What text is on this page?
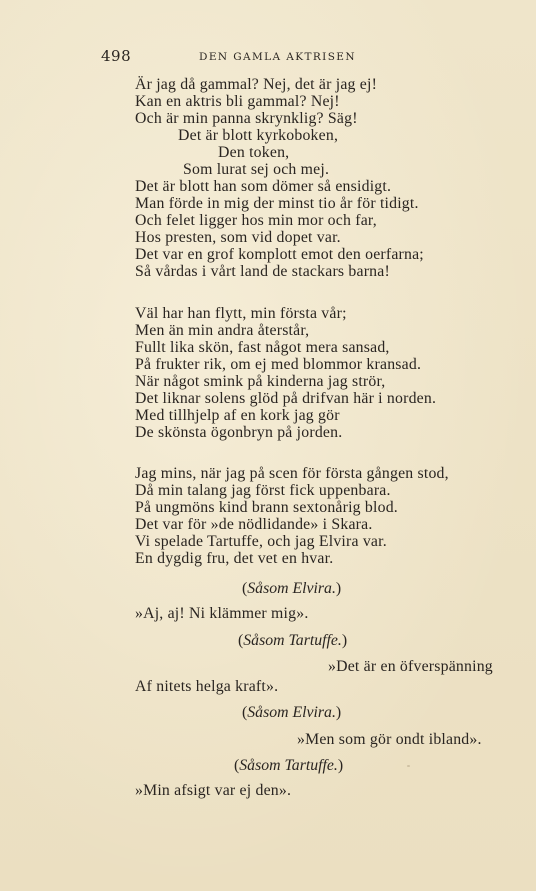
498	DEN GAMLA AKTRISEN
Är jag då gammal? Nej, det är jag ej!
Kan en aktris bli gammal? Nej!
Och är min panna skrynklig? Säg!
Det är blott kyrkoboken,
Den token,
Som lurat sej och mej.
Det är blott han som dömer så ensidigt.
Man förde in mig der minst tio år för tidigt.
Och felet ligger hos min mor och far,
Hos presten, som vid dopet var.
Det var en grof komplott emot den oerfarna;
Så vårdas i vårt land de stackars barna!
Väl har han flytt, min första vår;
Men än min andra återstår,
Fullt lika skön, fast något mera sansad,
På frukter rik, om ej med blommor kransad.
När något smink på kinderna jag strör,
Det liknar solens glöd på drifvan här i norden.
Med tillhjelp af en kork jag gör
De skönsta ögonbryn på jorden.
Jag mins, när jag på scen för första gången stod,
Då min talang jag först fick uppenbara.
På ungmöns kind brann sextonårig blod.
Det var för »de nödlidande» i Skara.
Vi spelade Tartuffe, och jag Elvira var.
En dygdig fru, det vet en hvar.
(Såsom Elvira.)
»Aj, aj! Ni klämmer mig».
(Såsom Tartuffe.)
»Det är en öfverspänning
Af nitets helga kraft».
(Såsom Elvira.)
»Men som gör ondt ibland».
(Såsom Tartuffe.)
»Min afsigt var ej den».
